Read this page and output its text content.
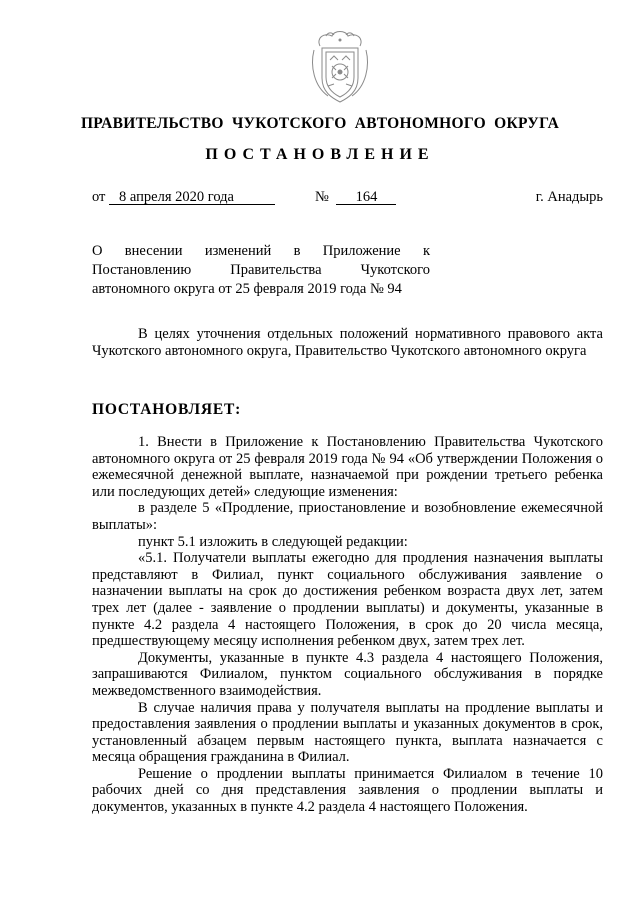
ПРАВИТЕЛЬСТВО ЧУКОТСКОГО АВТОНОМНОГО ОКРУГА
ПОСТАНОВЛЕНИЕ
от 8 апреля 2020 года	№ 164	г. Анадырь
О внесении изменений в Приложение к Постановлению Правительства Чукотского автономного округа от 25 февраля 2019 года № 94

В целях уточнения отдельных положений нормативного правового акта Чукотского автономного округа, Правительство Чукотского автономного округа

ПОСТАНОВЛЯЕТ:

1. Внести в Приложение к Постановлению Правительства Чукотского автономного округа от 25 февраля 2019 года № 94 «Об утверждении Положения о ежемесячной денежной выплате, назначаемой при рождении третьего ребенка или последующих детей» следующие изменения:

в разделе 5 «Продление, приостановление и возобновление ежемесячной выплаты»:

пункт 5.1 изложить в следующей редакции:

«5.1. Получатели выплаты ежегодно для продления назначения выплаты представляют в Филиал, пункт социального обслуживания заявление о назначении выплаты на срок до достижения ребенком возраста двух лет, затем трех лет (далее - заявление о продлении выплаты) и документы, указанные в пункте 4.2 раздела 4 настоящего Положения, в срок до 20 числа месяца, предшествующему месяцу исполнения ребенком двух, затем трех лет.

Документы, указанные в пункте 4.3 раздела 4 настоящего Положения, запрашиваются Филиалом, пунктом социального обслуживания в порядке межведомственного взаимодействия.

В случае наличия права у получателя выплаты на продление выплаты и предоставления заявления о продлении выплаты и указанных документов в срок, установленный абзацем первым настоящего пункта, выплата назначается с месяца обращения гражданина в Филиал.

Решение о продлении выплаты принимается Филиалом в течение 10 рабочих дней со дня представления заявления о продлении выплаты и документов, указанных в пункте 4.2 раздела 4 настоящего Положения.
